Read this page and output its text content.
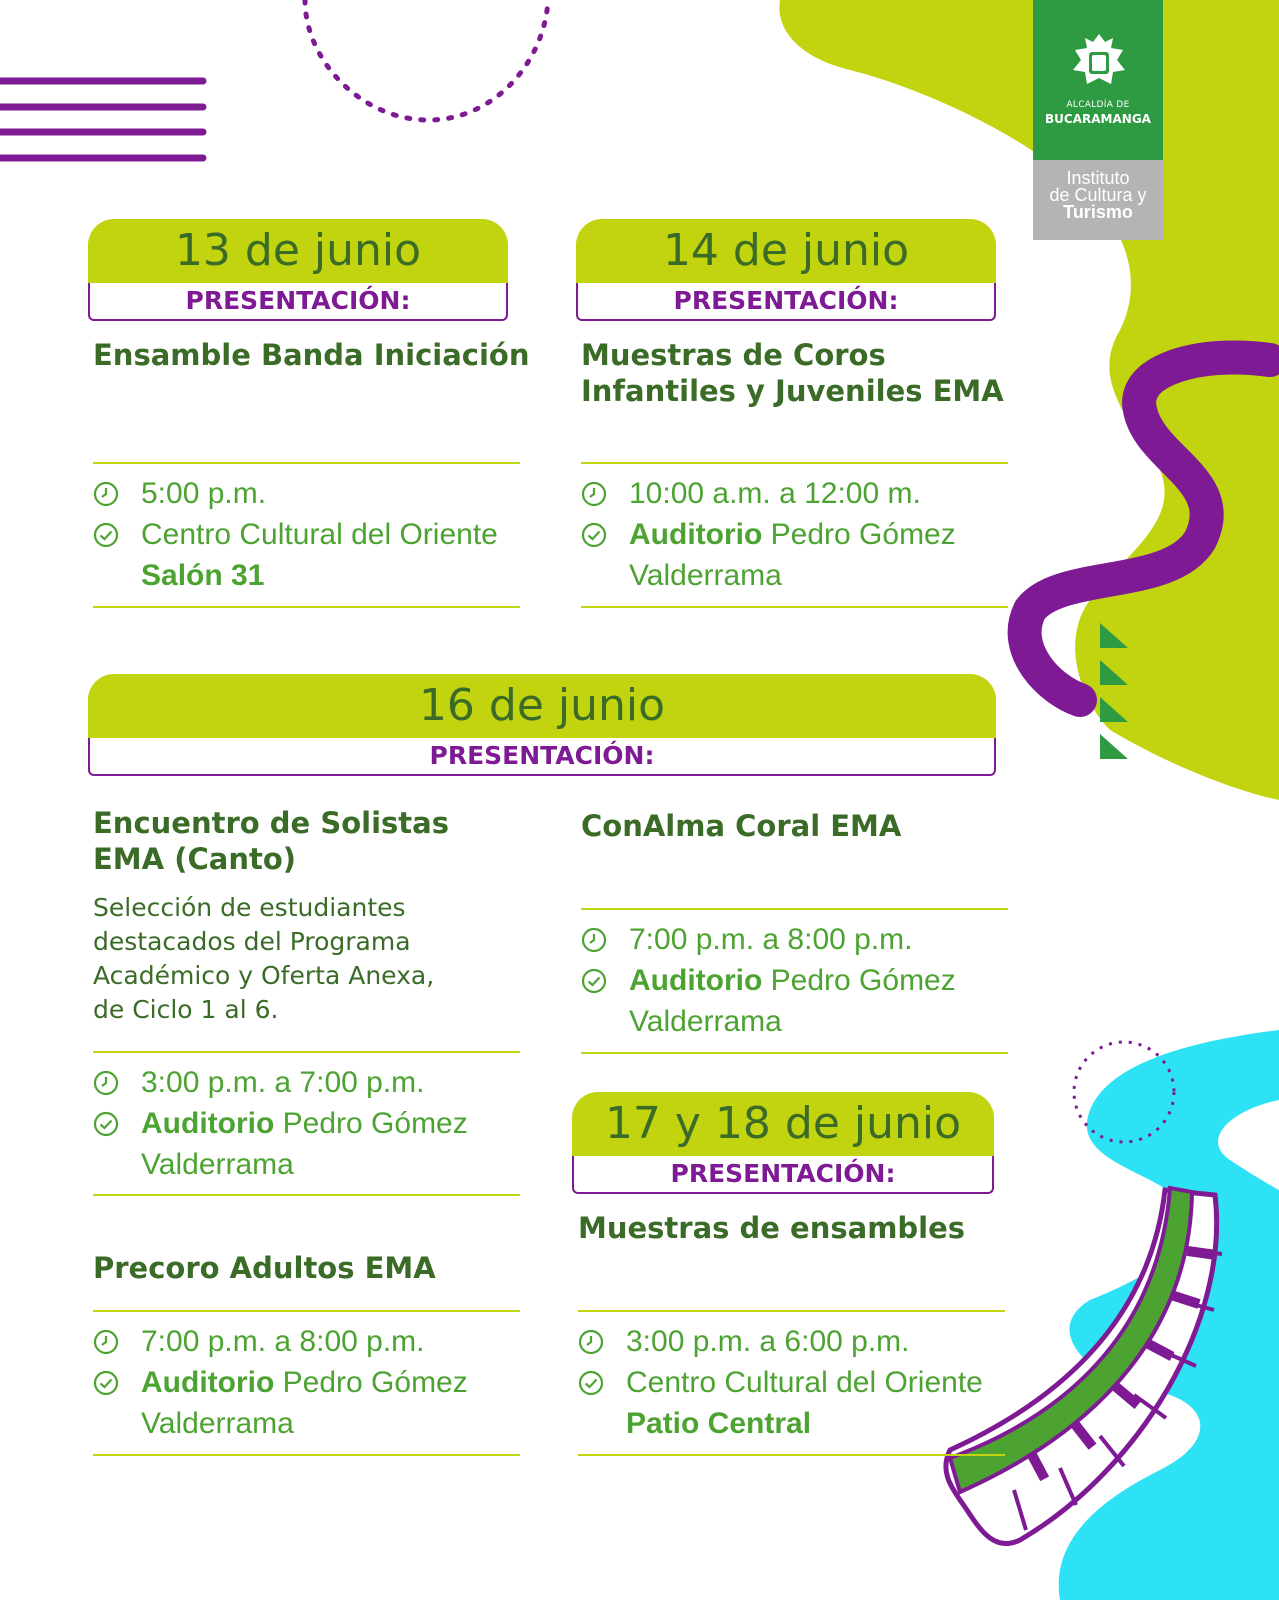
ALCALDÍA DE
BUCARAMANGA
Instituto
de Cultura y
Turismo
13 de junio
PRESENTACIÓN:
Ensamble Banda Iniciación
5:00 p.m.
Centro Cultural del Oriente
Salón 31
14 de junio
PRESENTACIÓN:
Muestras de Coros
Infantiles y Juveniles EMA
10:00 a.m. a 12:00 m.
Auditorio Pedro Gómez
Valderrama
16 de junio
PRESENTACIÓN:
Encuentro de Solistas
EMA (Canto)
Selección de estudiantes
destacados del Programa
Académico y Oferta Anexa,
de Ciclo 1 al 6.
3:00 p.m. a 7:00 p.m.
Auditorio Pedro Gómez
Valderrama
ConAlma Coral EMA
7:00 p.m. a 8:00 p.m.
Auditorio Pedro Gómez
Valderrama
Precoro Adultos EMA
7:00 p.m. a 8:00 p.m.
Auditorio Pedro Gómez
Valderrama
17 y 18 de junio
PRESENTACIÓN:
Muestras de ensambles
3:00 p.m. a 6:00 p.m.
Centro Cultural del Oriente
Patio Central
